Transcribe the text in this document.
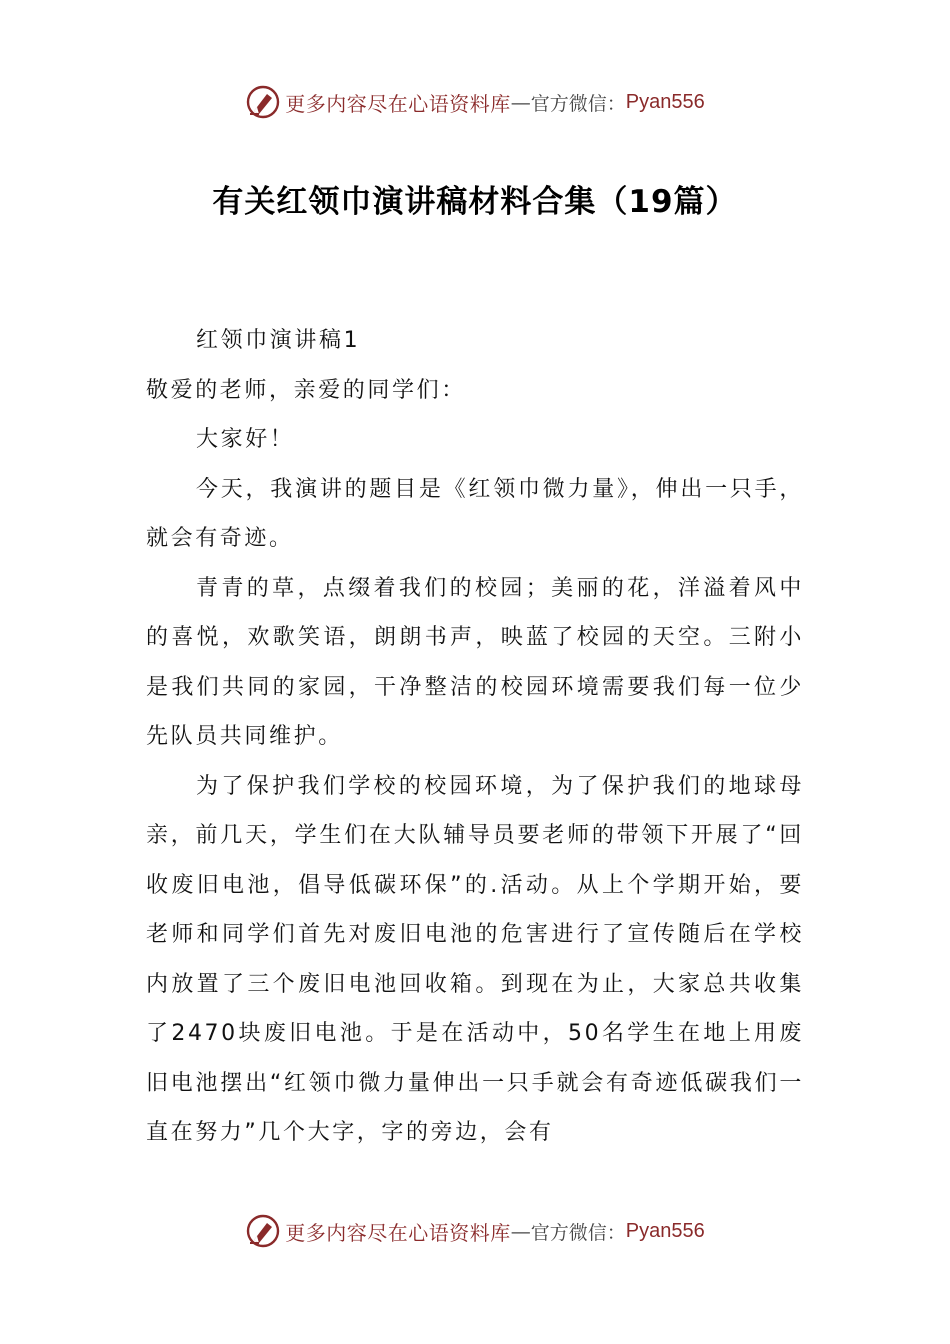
更多内容尽在心语资料库 — 官方微信： Pyan556
有关红领巾演讲稿材料合集（19篇）

红领巾演讲稿1

敬爱的老师，亲爱的同学们：

大家好！

今天，我演讲的题目是《红领巾微力量》，伸出一只手，就会有奇迹。

青青的草，点缀着我们的校园；美丽的花，洋溢着风中的喜悦，欢歌笑语，朗朗书声，映蓝了校园的天空。三附小是我们共同的家园，干净整洁的校园环境需要我们每一位少先队员共同维护。

为了保护我们学校的校园环境，为了保护我们的地球母亲，前几天，学生们在大队辅导员要老师的带领下开展了“回收废旧电池，倡导低碳环保”的.活动。从上个学期开始，要老师和同学们首先对废旧电池的危害进行了宣传随后在学校内放置了三个废旧电池回收箱。到现在为止，大家总共收集了2470块废旧电池。于是在活动中，50名学生在地上用废旧电池摆出“红领巾微力量伸出一只手就会有奇迹低碳我们一直在努力”几个大字，字的旁边，会有

更多内容尽在心语资料库 — 官方微信： Pyan556
